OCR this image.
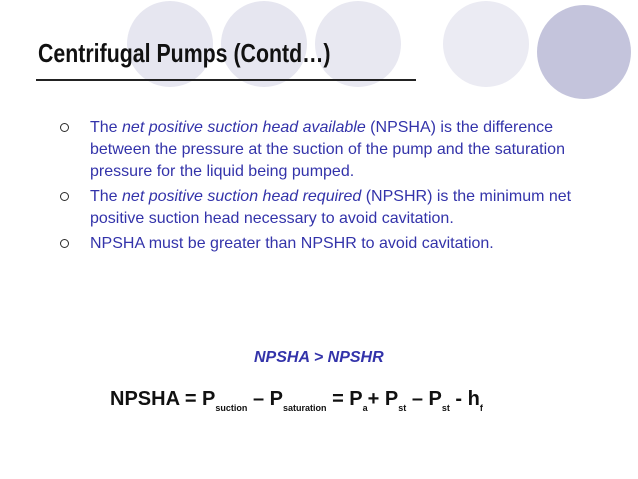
Centrifugal Pumps (Contd…)
The net positive suction head available (NPSHA) is the difference between the pressure at the suction of the pump and the saturation pressure for the liquid being pumped.
The net positive suction head required (NPSHR) is the minimum net positive suction head necessary to avoid cavitation.
NPSHA must be greater than NPSHR to avoid cavitation.
NPSHA > NPSHR
NPSHA = $P_{suction} - P_{saturation} = P_a+ P_{st} - P_{st} - h_f$
